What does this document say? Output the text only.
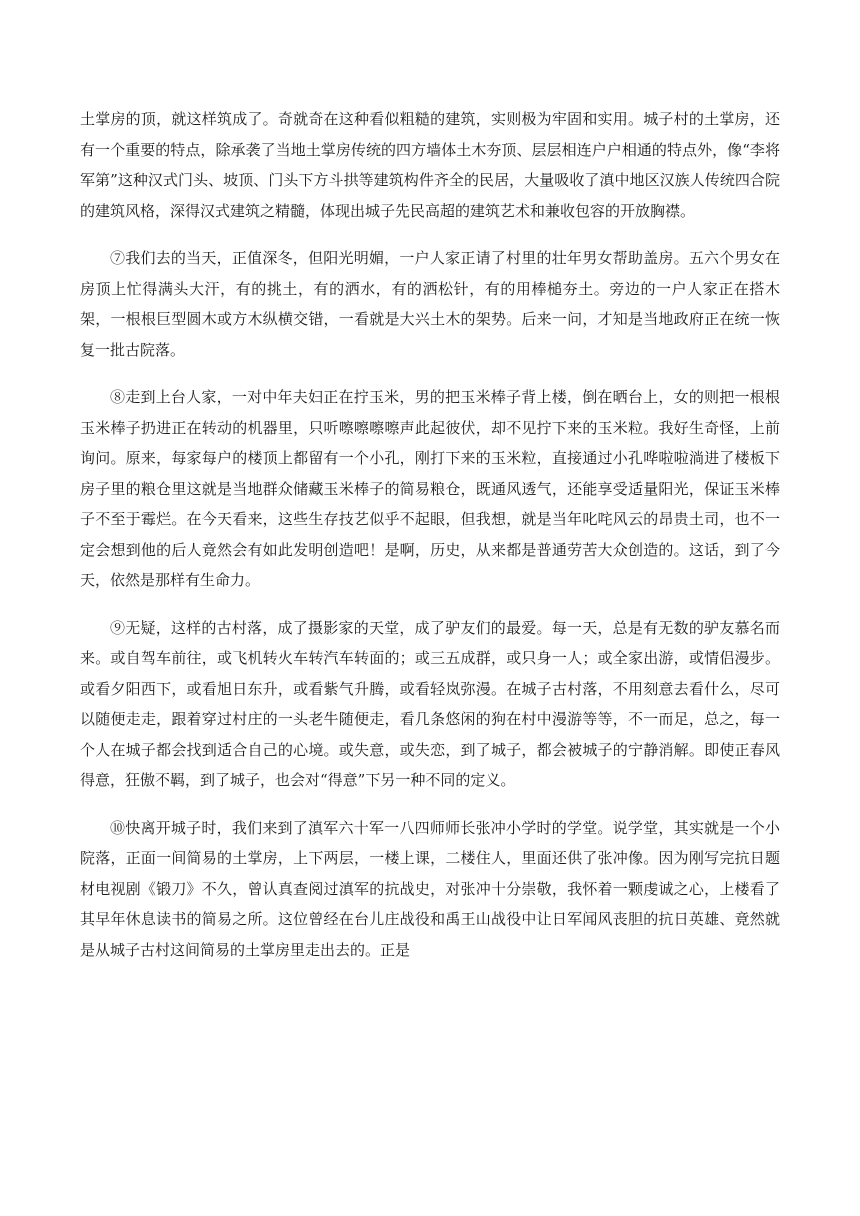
土掌房的顶，就这样筑成了。奇就奇在这种看似粗糙的建筑，实则极为牢固和实用。城子村的土掌房，还有一个重要的特点，除承袭了当地土掌房传统的四方墙体土木夯顶、层层相连户户相通的特点外，像“李将军第”这种汉式门头、坡顶、门头下方斗拱等建筑构件齐全的民居，大量吸收了滇中地区汉族人传统四合院的建筑风格，深得汉式建筑之精髓，体现出城子先民高超的建筑艺术和兼收包容的开放胸襟。

⑦我们去的当天，正值深冬，但阳光明媚，一户人家正请了村里的壮年男女帮助盖房。五六个男女在房顶上忙得满头大汗，有的挑土，有的洒水，有的洒松针，有的用棒槌夯土。旁边的一户人家正在搭木架，一根根巨型圆木或方木纵横交错，一看就是大兴土木的架势。后来一问，才知是当地政府正在统一恢复一批古院落。

⑧走到上台人家，一对中年夫妇正在拧玉米，男的把玉米棒子背上楼，倒在晒台上，女的则把一根根玉米棒子扔进正在转动的机器里，只听嚓嚓嚓嚓声此起彼伏，却不见拧下来的玉米粒。我好生奇怪，上前询问。原来，每家每户的楼顶上都留有一个小孔，刚打下来的玉米粒，直接通过小孔哗啦啦淌进了楼板下房子里的粮仓里这就是当地群众储藏玉米棒子的简易粮仓，既通风透气，还能享受适量阳光，保证玉米棒子不至于霉烂。在今天看来，这些生存技艺似乎不起眼，但我想，就是当年叱咤风云的昂贵土司，也不一定会想到他的后人竟然会有如此发明创造吧！是啊，历史，从来都是普通劳苦大众创造的。这话，到了今天，依然是那样有生命力。

⑨无疑，这样的古村落，成了摄影家的天堂，成了驴友们的最爱。每一天，总是有无数的驴友慕名而来。或自驾车前往，或飞机转火车转汽车转面的；或三五成群，或只身一人；或全家出游，或情侣漫步。或看夕阳西下，或看旭日东升，或看紫气升腾，或看轻岚弥漫。在城子古村落，不用刻意去看什么，尽可以随便走走，跟着穿过村庄的一头老牛随便走，看几条悠闲的狗在村中漫游等等，不一而足，总之，每一个人在城子都会找到适合自己的心境。或失意，或失恋，到了城子，都会被城子的宁静消解。即使正春风得意，狂傲不羁，到了城子，也会对“得意”下另一种不同的定义。

⑩快离开城子时，我们来到了滇军六十军一八四师师长张冲小学时的学堂。说学堂，其实就是一个小院落，正面一间简易的土掌房，上下两层，一楼上课，二楼住人，里面还供了张冲像。因为刚写完抗日题材电视剧《锻刀》不久，曾认真查阅过滇军的抗战史，对张冲十分崇敬，我怀着一颗虔诚之心，上楼看了其早年休息读书的简易之所。这位曾经在台儿庄战役和禹王山战役中让日军闻风丧胆的抗日英雄、竟然就是从城子古村这间简易的土掌房里走出去的。正是
